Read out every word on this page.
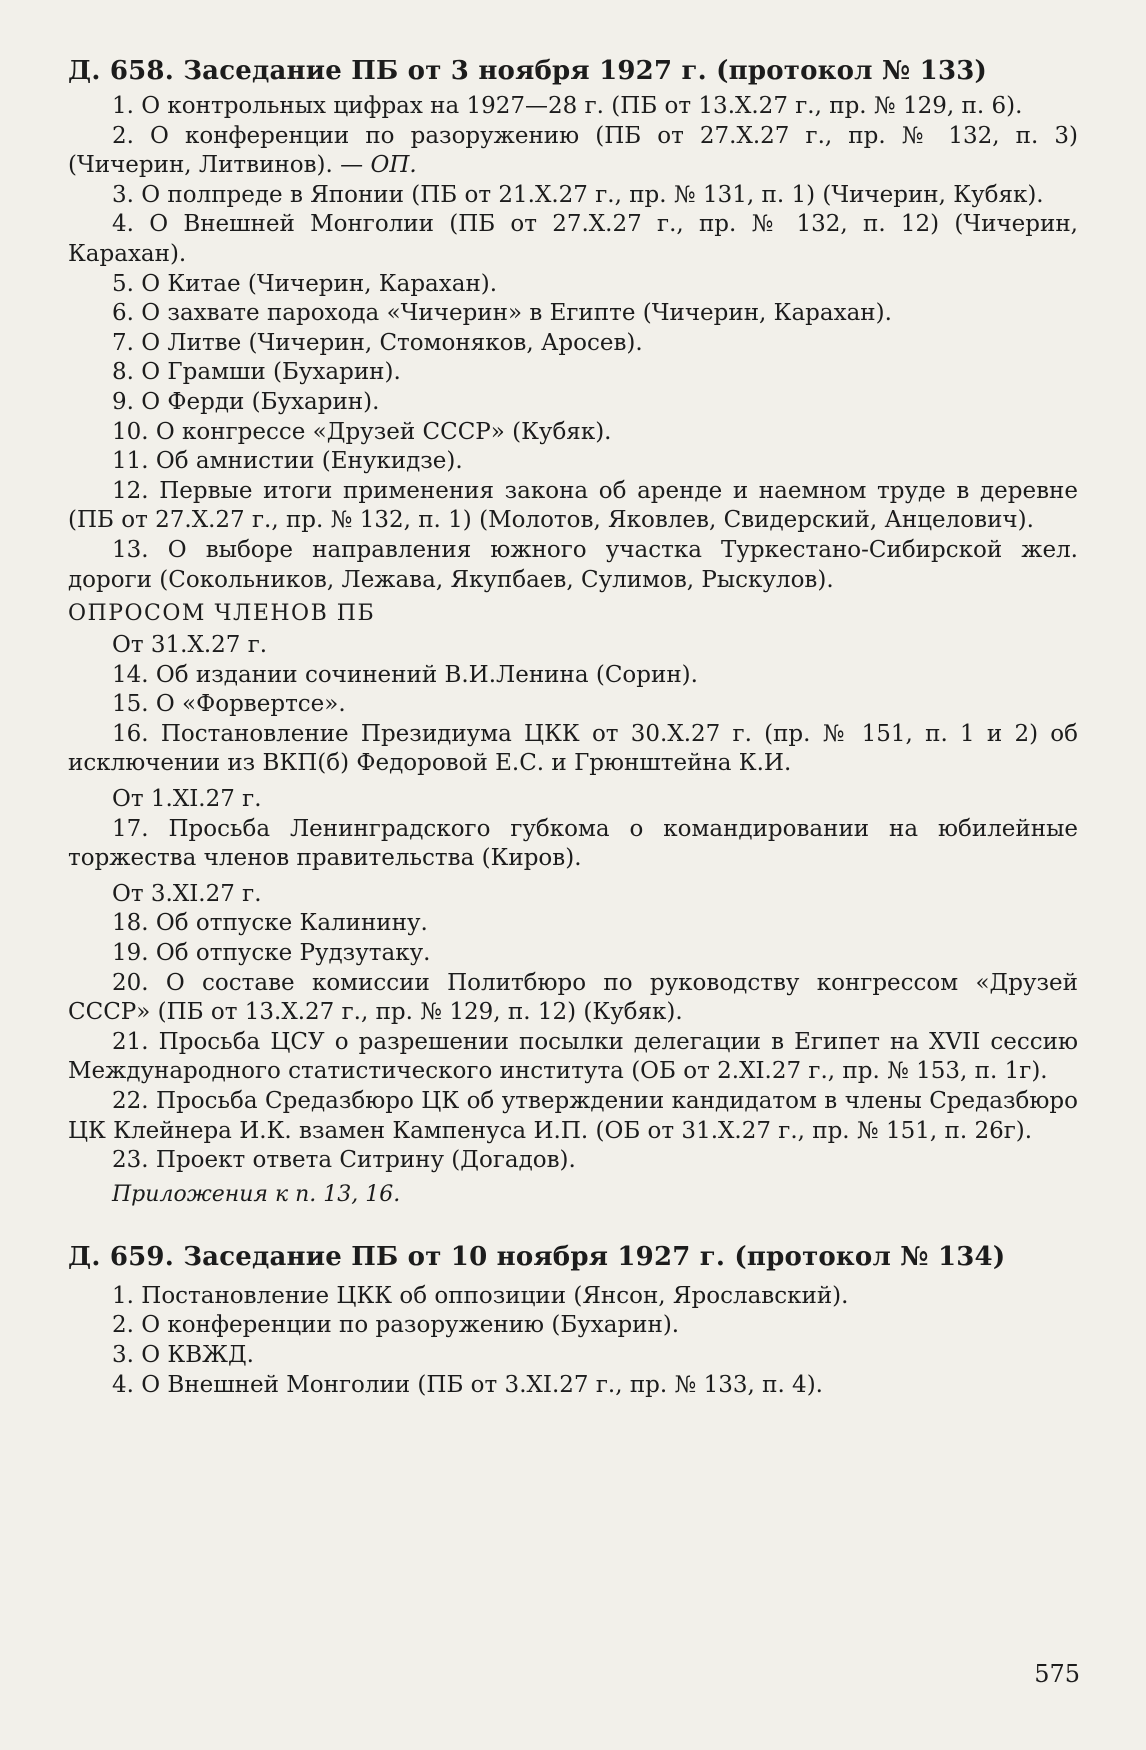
Д. 658. Заседание ПБ от 3 ноября 1927 г. (протокол № 133)

1. О контрольных цифрах на 1927—28 г. (ПБ от 13.X.27 г., пр. № 129, п. 6).

2. О конференции по разоружению (ПБ от 27.X.27 г., пр. № 132, п. 3) (Чичерин, Литвинов). — ОП.

3. О полпреде в Японии (ПБ от 21.X.27 г., пр. № 131, п. 1) (Чичерин, Кубяк).

4. О Внешней Монголии (ПБ от 27.X.27 г., пр. № 132, п. 12) (Чичерин, Карахан).

5. О Китае (Чичерин, Карахан).

6. О захвате парохода «Чичерин» в Египте (Чичерин, Карахан).

7. О Литве (Чичерин, Стомоняков, Аросев).

8. О Грамши (Бухарин).

9. О Ферди (Бухарин).

10. О конгрессе «Друзей СССР» (Кубяк).

11. Об амнистии (Енукидзе).

12. Первые итоги применения закона об аренде и наемном труде в деревне (ПБ от 27.X.27 г., пр. № 132, п. 1) (Молотов, Яковлев, Свидерский, Анцелович).

13. О выборе направления южного участка Туркестано-Сибирской жел. дороги (Сокольников, Лежава, Якупбаев, Сулимов, Рыскулов).

ОПРОСОМ ЧЛЕНОВ ПБ

От 31.X.27 г.

14. Об издании сочинений В.И.Ленина (Сорин).

15. О «Форвертсе».

16. Постановление Президиума ЦКК от 30.X.27 г. (пр. № 151, п. 1 и 2) об исключении из ВКП(б) Федоровой Е.С. и Грюнштейна К.И.

От 1.XI.27 г.

17. Просьба Ленинградского губкома о командировании на юбилейные торжества членов правительства (Киров).

От 3.XI.27 г.

18. Об отпуске Калинину.

19. Об отпуске Рудзутаку.

20. О составе комиссии Политбюро по руководству конгрессом «Друзей СССР» (ПБ от 13.X.27 г., пр. № 129, п. 12) (Кубяк).

21. Просьба ЦСУ о разрешении посылки делегации в Египет на XVII сессию Международного статистического института (ОБ от 2.XI.27 г., пр. № 153, п. 1г).

22. Просьба Средазбюро ЦК об утверждении кандидатом в члены Средазбюро ЦК Клейнера И.К. взамен Кампенуса И.П. (ОБ от 31.X.27 г., пр. № 151, п. 26г).

23. Проект ответа Ситрину (Догадов).

Приложения к п. 13, 16.
Д. 659. Заседание ПБ от 10 ноября 1927 г. (протокол № 134)

1. Постановление ЦКК об оппозиции (Янсон, Ярославский).

2. О конференции по разоружению (Бухарин).

3. О КВЖД.

4. О Внешней Монголии (ПБ от 3.XI.27 г., пр. № 133, п. 4).

575
